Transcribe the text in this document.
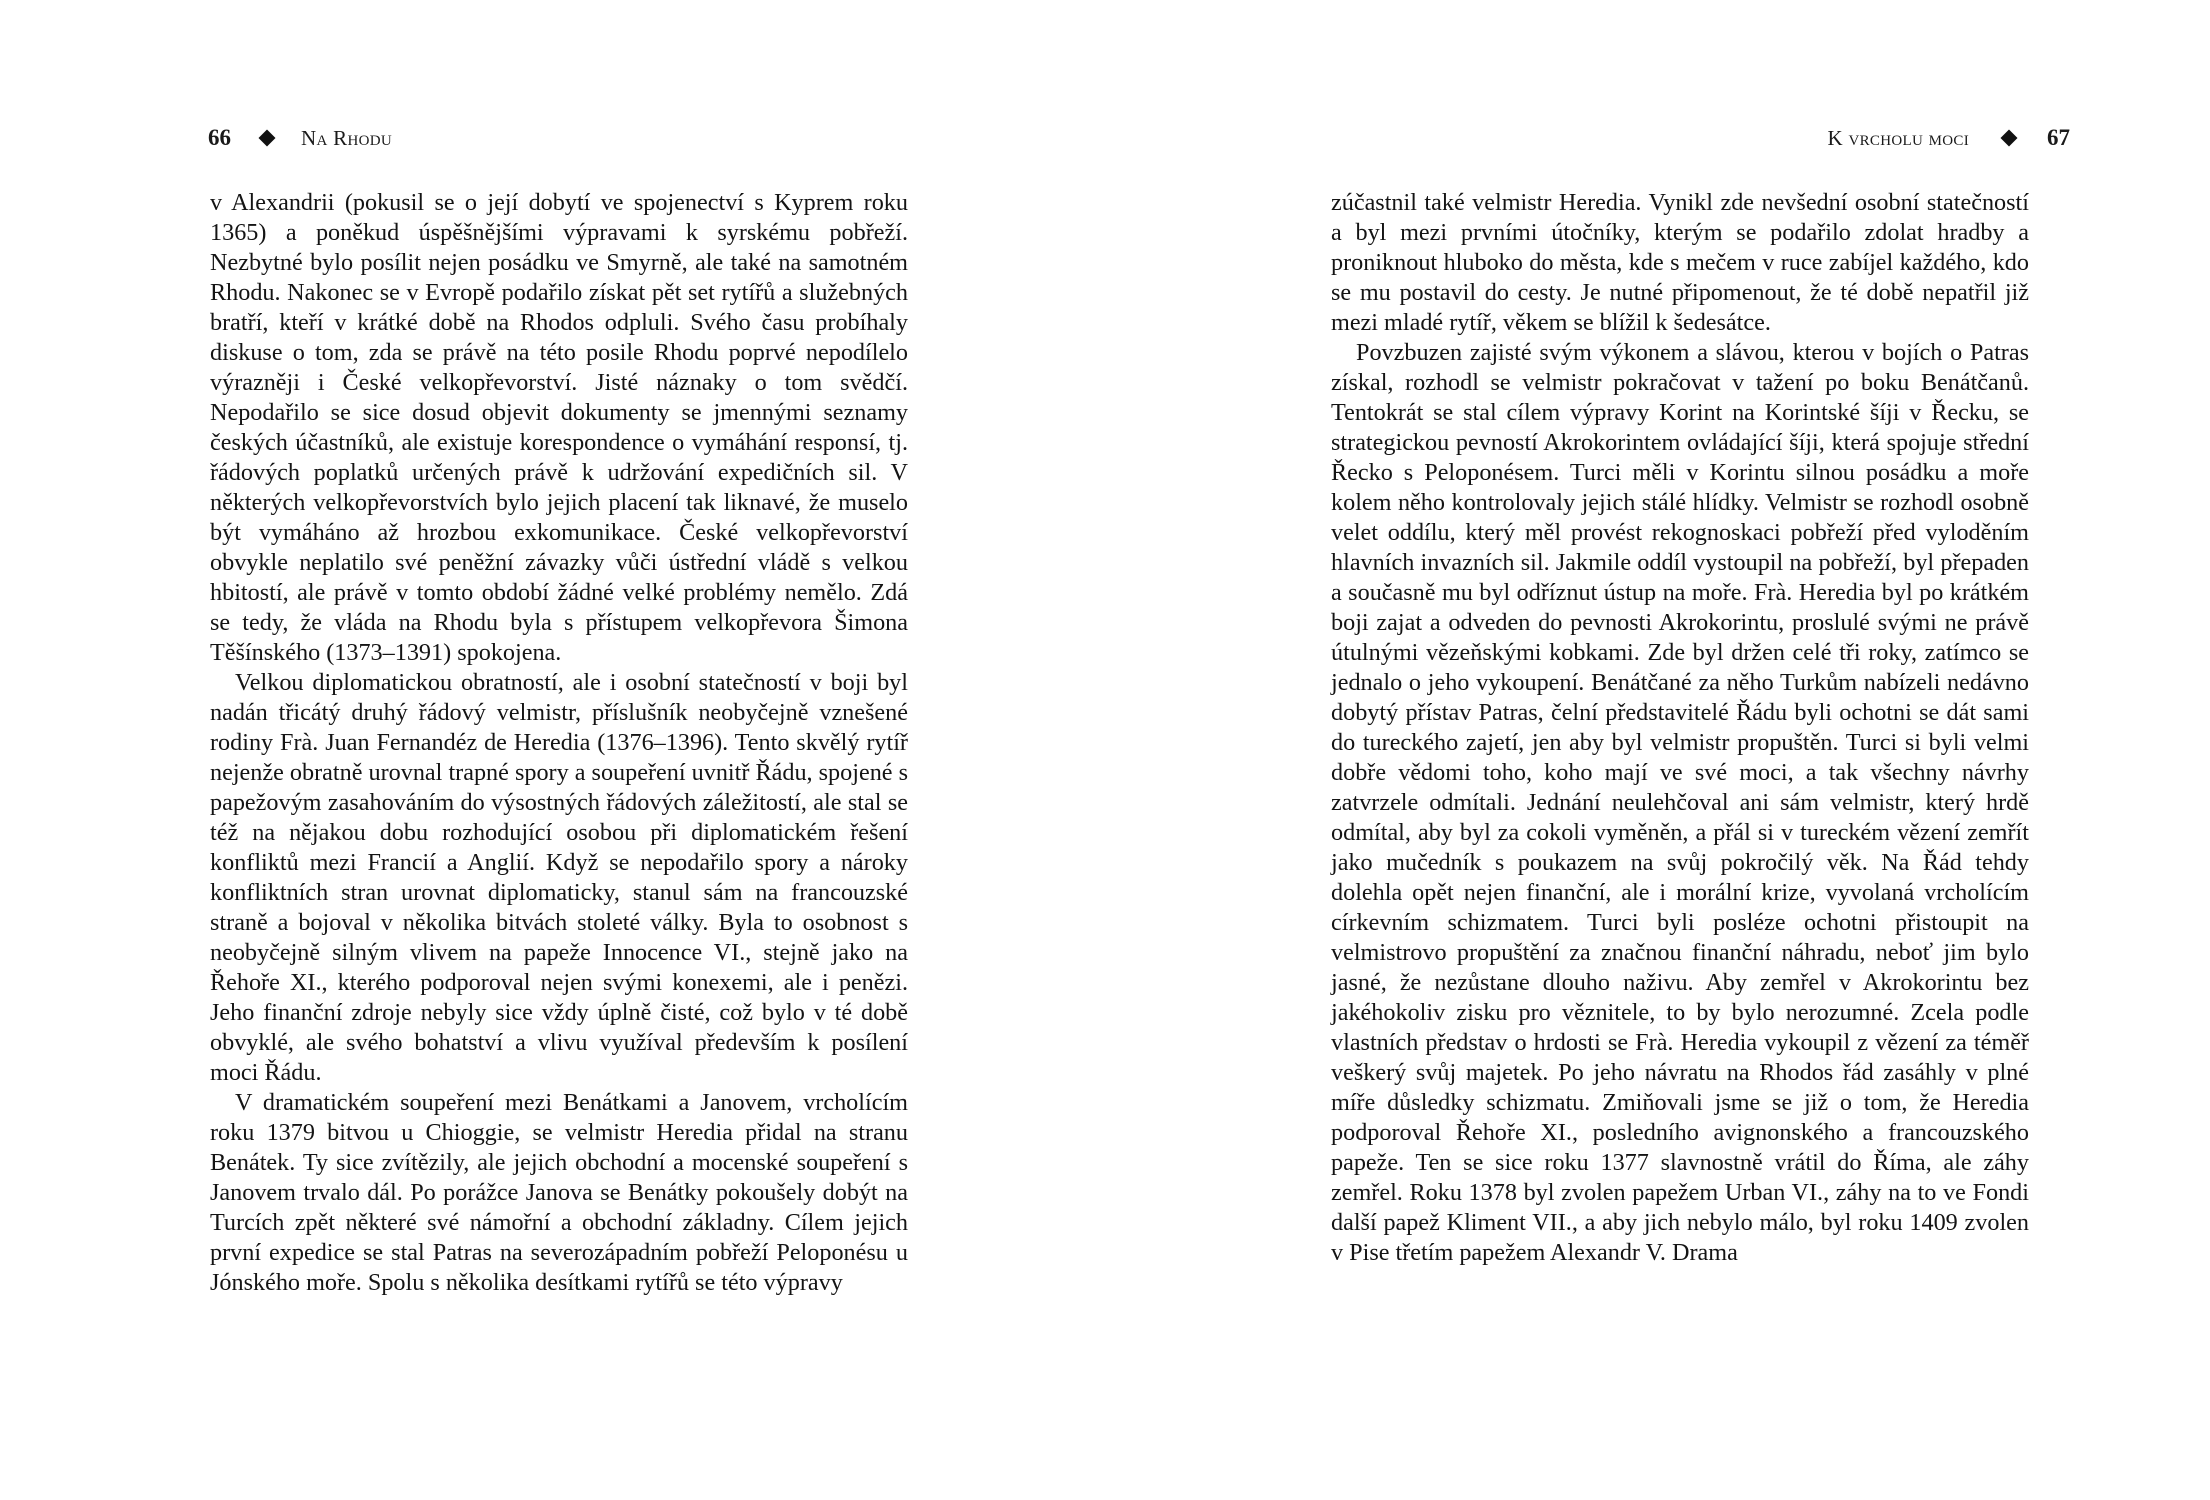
66	Na Rhodu

v Alexandrii (pokusil se o její dobytí ve spojenectví s Kyprem roku 1365) a poněkud úspěšnějšími výpravami k syrskému pobřeží. Nezbytné bylo posílit nejen posádku ve Smyrně, ale také na samotném Rhodu. Nakonec se v Evropě podařilo získat pět set rytířů a služebných bratří, kteří v krátké době na Rhodos odpluli. Svého času probíhaly diskuse o tom, zda se právě na této posile Rhodu poprvé nepodílelo výrazněji i České velkopřevorství. Jisté náznaky o tom svědčí. Nepodařilo se sice dosud objevit dokumenty se jmennými seznamy českých účastníků, ale existuje korespondence o vymáhání responsí, tj. řádových poplatků určených právě k udržování expedičních sil. V některých velkopřevorstvích bylo jejich placení tak liknavé, že muselo být vymáháno až hrozbou exkomunikace. České velkopřevorství obvykle neplatilo své peněžní závazky vůči ústřední vládě s velkou hbitostí, ale právě v tomto období žádné velké problémy nemělo. Zdá se tedy, že vláda na Rhodu byla s přístupem velkopřevora Šimona Těšínského (1373–1391) spokojena.

Velkou diplomatickou obratností, ale i osobní statečností v boji byl nadán třicátý druhý řádový velmistr, příslušník neobyčejně vznešené rodiny Frà. Juan Fernandéz de Heredia (1376–1396). Tento skvělý rytíř nejenže obratně urovnal trapné spory a soupeření uvnitř Řádu, spojené s papežovým zasahováním do výsostných řádových záležitostí, ale stal se též na nějakou dobu rozhodující osobou při diplomatickém řešení konfliktů mezi Francií a Anglií. Když se nepodařilo spory a nároky konfliktních stran urovnat diplomaticky, stanul sám na francouzské straně a bojoval v několika bitvách stoleté války. Byla to osobnost s neobyčejně silným vlivem na papeže Innocence VI., stejně jako na Řehoře XI., kterého podporoval nejen svými konexemi, ale i penězi. Jeho finanční zdroje nebyly sice vždy úplně čisté, což bylo v té době obvyklé, ale svého bohatství a vlivu využíval především k posílení moci Řádu.

V dramatickém soupeření mezi Benátkami a Janovem, vrcholícím roku 1379 bitvou u Chioggie, se velmistr Heredia přidal na stranu Benátek. Ty sice zvítězily, ale jejich obchodní a mocenské soupeření s Janovem trvalo dál. Po porážce Janova se Benátky pokoušely dobýt na Turcích zpět některé své námořní a obchodní základny. Cílem jejich první expedice se stal Patras na severozápadním pobřeží Peloponésu u Jónského moře. Spolu s několika desítkami rytířů se této výpravy

K vrcholu moci	67

zúčastnil také velmistr Heredia. Vynikl zde nevšední osobní statečností a byl mezi prvními útočníky, kterým se podařilo zdolat hradby a proniknout hluboko do města, kde s mečem v ruce zabíjel každého, kdo se mu postavil do cesty. Je nutné připomenout, že té době nepatřil již mezi mladé rytíř, věkem se blížil k šedesátce.

Povzbuzen zajisté svým výkonem a slávou, kterou v bojích o Patras získal, rozhodl se velmistr pokračovat v tažení po boku Benátčanů. Tentokrát se stal cílem výpravy Korint na Korintské šíji v Řecku, se strategickou pevností Akrokorintem ovládající šíji, která spojuje střední Řecko s Peloponésem. Turci měli v Korintu silnou posádku a moře kolem něho kontrolovaly jejich stálé hlídky. Velmistr se rozhodl osobně velet oddílu, který měl provést rekognoskaci pobřeží před vyloděním hlavních invazních sil. Jakmile oddíl vystoupil na pobřeží, byl přepaden a současně mu byl odříznut ústup na moře. Frà. Heredia byl po krátkém boji zajat a odveden do pevnosti Akrokorintu, proslulé svými ne právě útulnými vězeňskými kobkami. Zde byl držen celé tři roky, zatímco se jednalo o jeho vykoupení. Benátčané za něho Turkům nabízeli nedávno dobytý přístav Patras, čelní představitelé Řádu byli ochotni se dát sami do tureckého zajetí, jen aby byl velmistr propuštěn. Turci si byli velmi dobře vědomi toho, koho mají ve své moci, a tak všechny návrhy zatvrzele odmítali. Jednání neulehčoval ani sám velmistr, který hrdě odmítal, aby byl za cokoli vyměněn, a přál si v tureckém vězení zemřít jako mučedník s poukazem na svůj pokročilý věk. Na Řád tehdy dolehla opět nejen finanční, ale i morální krize, vyvolaná vrcholícím církevním schizmatem. Turci byli posléze ochotni přistoupit na velmistrovo propuštění za značnou finanční náhradu, neboť jim bylo jasné, že nezůstane dlouho naživu. Aby zemřel v Akrokorintu bez jakéhokoliv zisku pro věznitele, to by bylo nerozumné. Zcela podle vlastních představ o hrdosti se Frà. Heredia vykoupil z vězení za téměř veškerý svůj majetek. Po jeho návratu na Rhodos řád zasáhly v plné míře důsledky schizmatu. Zmiňovali jsme se již o tom, že Heredia podporoval Řehoře XI., posledního avignonského a francouzského papeže. Ten se sice roku 1377 slavnostně vrátil do Říma, ale záhy zemřel. Roku 1378 byl zvolen papežem Urban VI., záhy na to ve Fondi další papež Kliment VII., a aby jich nebylo málo, byl roku 1409 zvolen v Pise třetím papežem Alexandr V. Drama
